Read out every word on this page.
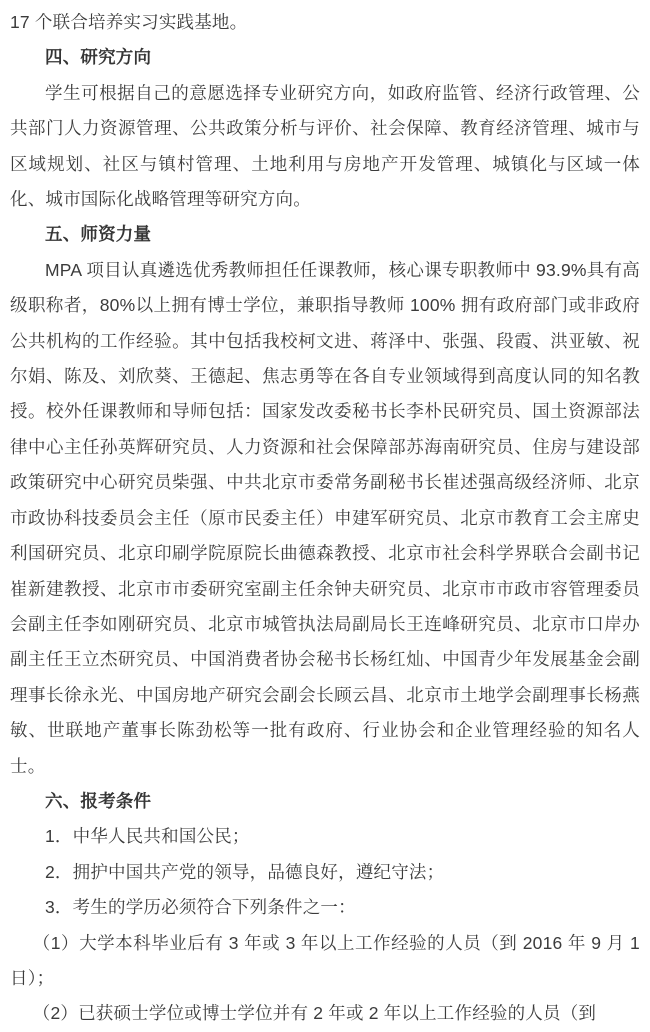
17 个联合培养实习实践基地。

四、研究方向

学生可根据自己的意愿选择专业研究方向，如政府监管、经济行政管理、公共部门人力资源管理、公共政策分析与评价、社会保障、教育经济管理、城市与区域规划、社区与镇村管理、土地利用与房地产开发管理、城镇化与区域一体化、城市国际化战略管理等研究方向。

五、师资力量

MPA 项目认真遴选优秀教师担任任课教师，核心课专职教师中 93.9%具有高级职称者，80%以上拥有博士学位，兼职指导教师 100% 拥有政府部门或非政府公共机构的工作经验。其中包括我校柯文进、蒋泽中、张强、段霞、洪亚敏、祝尔娟、陈及、刘欣葵、王德起、焦志勇等在各自专业领域得到高度认同的知名教授。校外任课教师和导师包括：国家发改委秘书长李朴民研究员、国土资源部法律中心主任孙英辉研究员、人力资源和社会保障部苏海南研究员、住房与建设部政策研究中心研究员柴强、中共北京市委常务副秘书长崔述强高级经济师、北京市政协科技委员会主任（原市民委主任）申建军研究员、北京市教育工会主席史利国研究员、北京印刷学院原院长曲德森教授、北京市社会科学界联合会副书记崔新建教授、北京市市委研究室副主任余钟夫研究员、北京市市政市容管理委员会副主任李如刚研究员、北京市城管执法局副局长王连峰研究员、北京市口岸办副主任王立杰研究员、中国消费者协会秘书长杨红灿、中国青少年发展基金会副理事长徐永光、中国房地产研究会副会长顾云昌、北京市土地学会副理事长杨燕敏、世联地产董事长陈劲松等一批有政府、行业协会和企业管理经验的知名人士。

六、报考条件

1．中华人民共和国公民；

2．拥护中国共产党的领导，品德良好，遵纪守法；

3．考生的学历必须符合下列条件之一：

（1）大学本科毕业后有 3 年或 3 年以上工作经验的人员（到 2016 年 9 月 1 日）；

（2）已获硕士学位或博士学位并有 2 年或 2 年以上工作经验的人员（到
